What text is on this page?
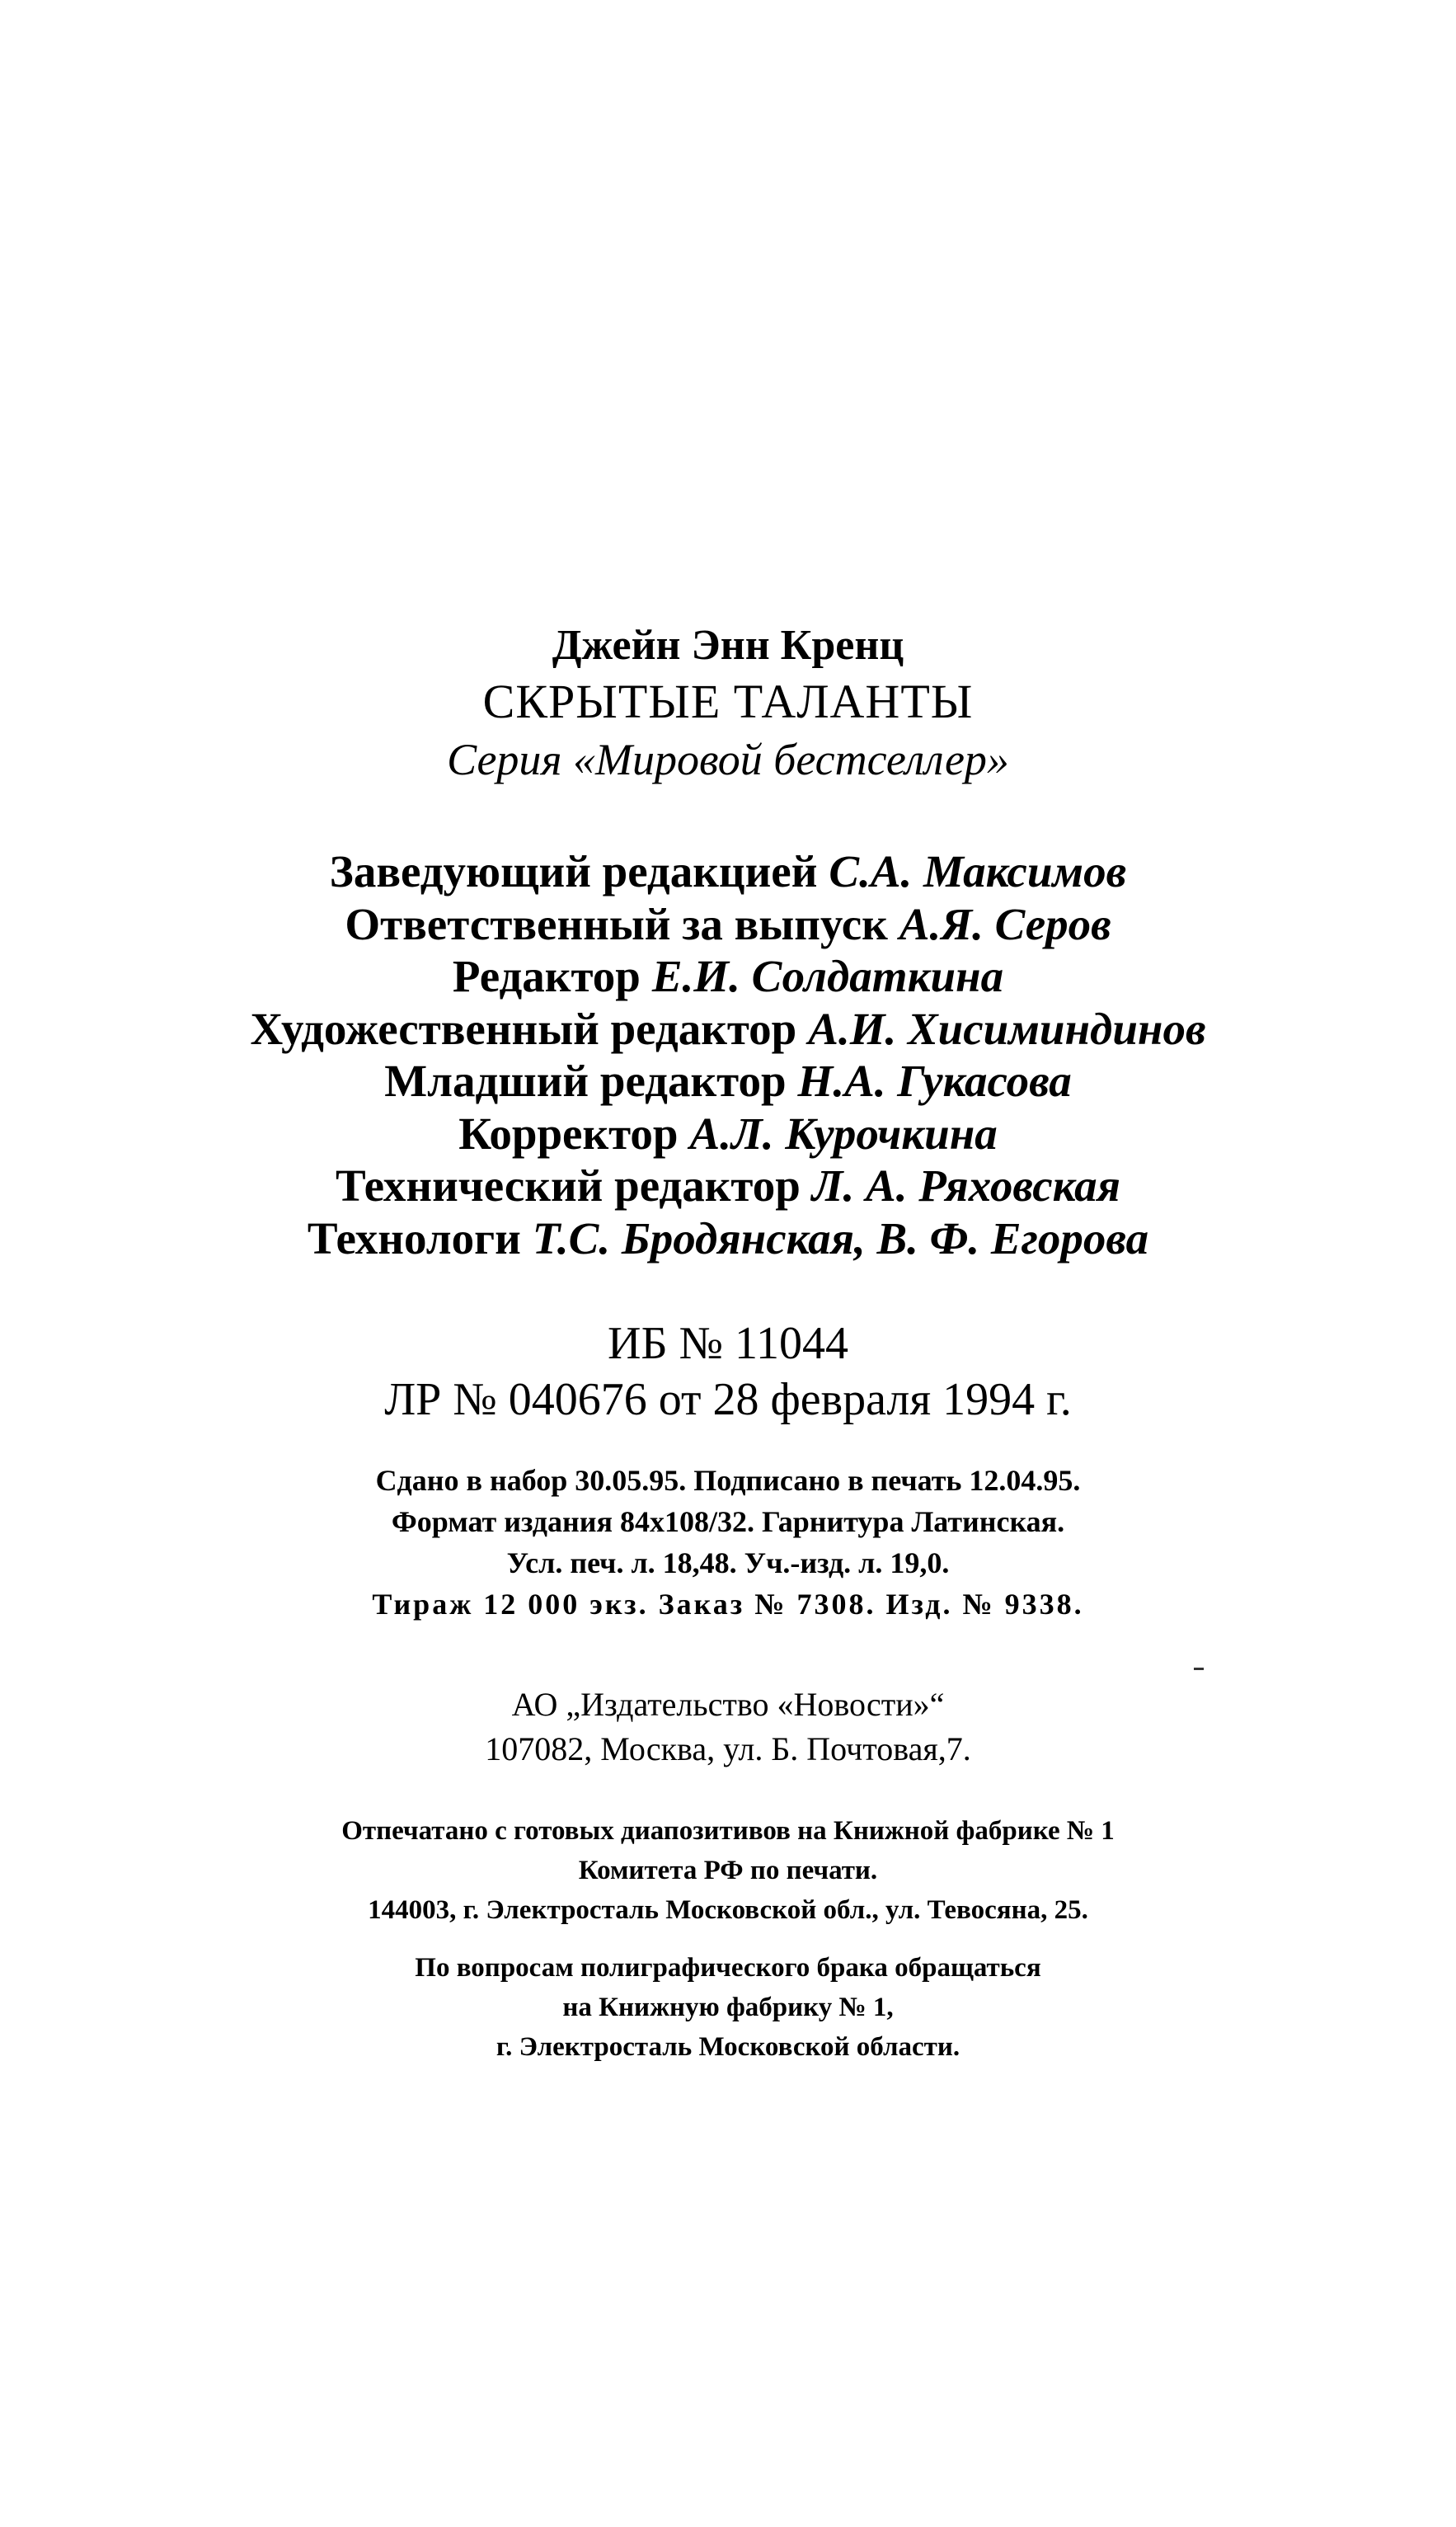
Джейн Энн Кренц
СКРЫТЫЕ ТАЛАНТЫ
Серия «Мировой бестселлер»
Заведующий редакцией С.А. Максимов
Ответственный за выпуск А.Я. Серов
Редактор Е.И. Солдаткина
Художественный редактор А.И. Хисиминдинов
Младший редактор Н.А. Гукасова
Корректор А.Л. Курочкина
Технический редактор Л. А. Ряховская
Технологи Т.С. Бродянская, В. Ф. Егорова
ИБ № 11044
ЛР № 040676 от 28 февраля 1994 г.
Сдано в набор 30.05.95. Подписано в печать 12.04.95.
Формат издания 84х108/32. Гарнитура Латинская.
Усл. печ. л. 18,48. Уч.-изд. л. 19,0.
Тираж 12 000 экз. Заказ № 7308. Изд. № 9338.
АО „Издательство «Новости»“
107082, Москва, ул. Б. Почтовая,7.
Отпечатано с готовых диапозитивов на Книжной фабрике № 1
Комитета РФ по печати.
144003, г. Электросталь Московской обл., ул. Тевосяна, 25.
По вопросам полиграфического брака обращаться
на Книжную фабрику № 1,
г. Электросталь Московской области.
